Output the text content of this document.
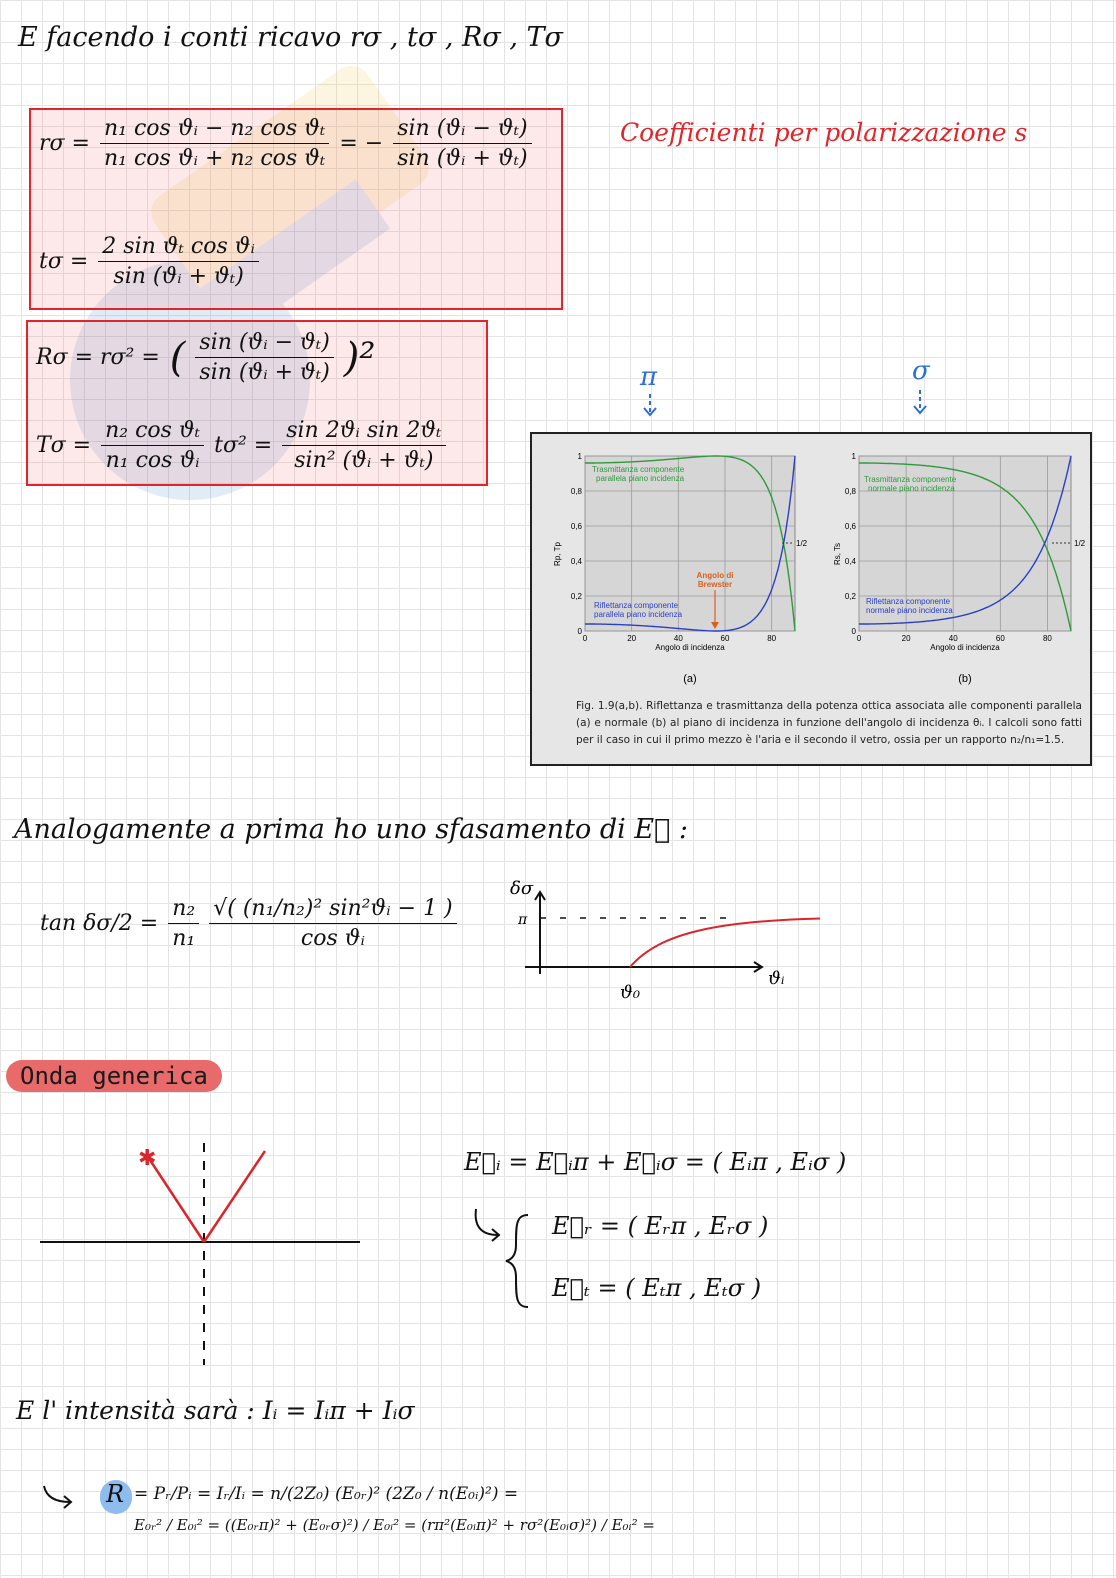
E facendo i conti ricavo rσ , tσ , Rσ , Tσ
$r\sigma = \frac{\text{n₁ cos ϑᵢ − n₂ cos ϑₜ}}{\text{n₁ cos ϑᵢ + n₂ cos ϑₜ}}$ = − $\frac{\text{sin (ϑᵢ − ϑₜ)}}{\text{sin (ϑᵢ + ϑₜ)}}$
$t\sigma = \frac{\text{2 sin ϑₜ cos ϑᵢ}}{\text{sin (ϑᵢ + ϑₜ)}}$
Rσ = rσ² = ( $\frac{\text{sin (ϑᵢ − ϑₜ)}}{\text{sin (ϑᵢ + ϑₜ)}} )^2$
$T\sigma = \frac{\text{n₂ cos ϑₜ}}{\text{n₁ cos ϑᵢ}} t\sigma^2 = \frac{\text{sin 2ϑᵢ sin 2ϑₜ}}{\text{sin² (ϑᵢ + ϑₜ)}}$
Coefficienti per polarizzazione s
π	σ
Rp, Tp
Angolo di incidenza
0
0,2
0,4
0,6
0,8
1
0	20	40	60	80
Trasmittanza componente
parallela piano incidenza
Riflettanza componente
parallela piano incidenza
Angolo di
Brewster
1/2
(a)
Rs, Ts
Angolo di incidenza
0
0,2
0,4
0,6
0,8
1
0	20	40	60	80
Trasmittanza componente
normale piano incidenza
Riflettanza componente
normale piano incidenza
1/2
(b)
Fig. 1.9(a,b). Riflettanza e trasmittanza della potenza ottica associata alle componenti parallela (a) e normale (b) al piano di incidenza in funzione dell'angolo di incidenza θᵢ. I calcoli sono fatti per il caso in cui il primo mezzo è l'aria e il secondo il vetro, ossia per un rapporto n₂/n₁=1.5.
Analogamente a prima ho uno sfasamento di E⃗ :
$\tan \delta\sigma/2 = \frac{\text{n₂}}{\text{n₁}} \frac{\text{√( (n₁/n₂)² sin²ϑᵢ − 1 )}}{\text{cos ϑᵢ}}$
δσ
π
ϑᵢ
ϑ₀
Onda generica
✱	E⃗ᵢ = E⃗ᵢπ + E⃗ᵢσ = ( Eᵢπ , Eᵢσ )
E⃗ᵣ = ( Eᵣπ , Eᵣσ )
E⃗ₜ = ( Eₜπ , Eₜσ )
E l' intensità sarà : Iᵢ = Iᵢπ + Iᵢσ
R = Pᵣ/Pᵢ = Iᵣ/Iᵢ = n/(2Z₀) (E₀ᵣ)² (2Z₀ / n(E₀ᵢ)²) =
E₀ᵣ² / E₀ᵢ² = ((E₀ᵣπ)² + (E₀ᵣσ)²) / E₀ᵢ² = (rπ²(E₀ᵢπ)² + rσ²(E₀ᵢσ)²) / E₀ᵢ² =
